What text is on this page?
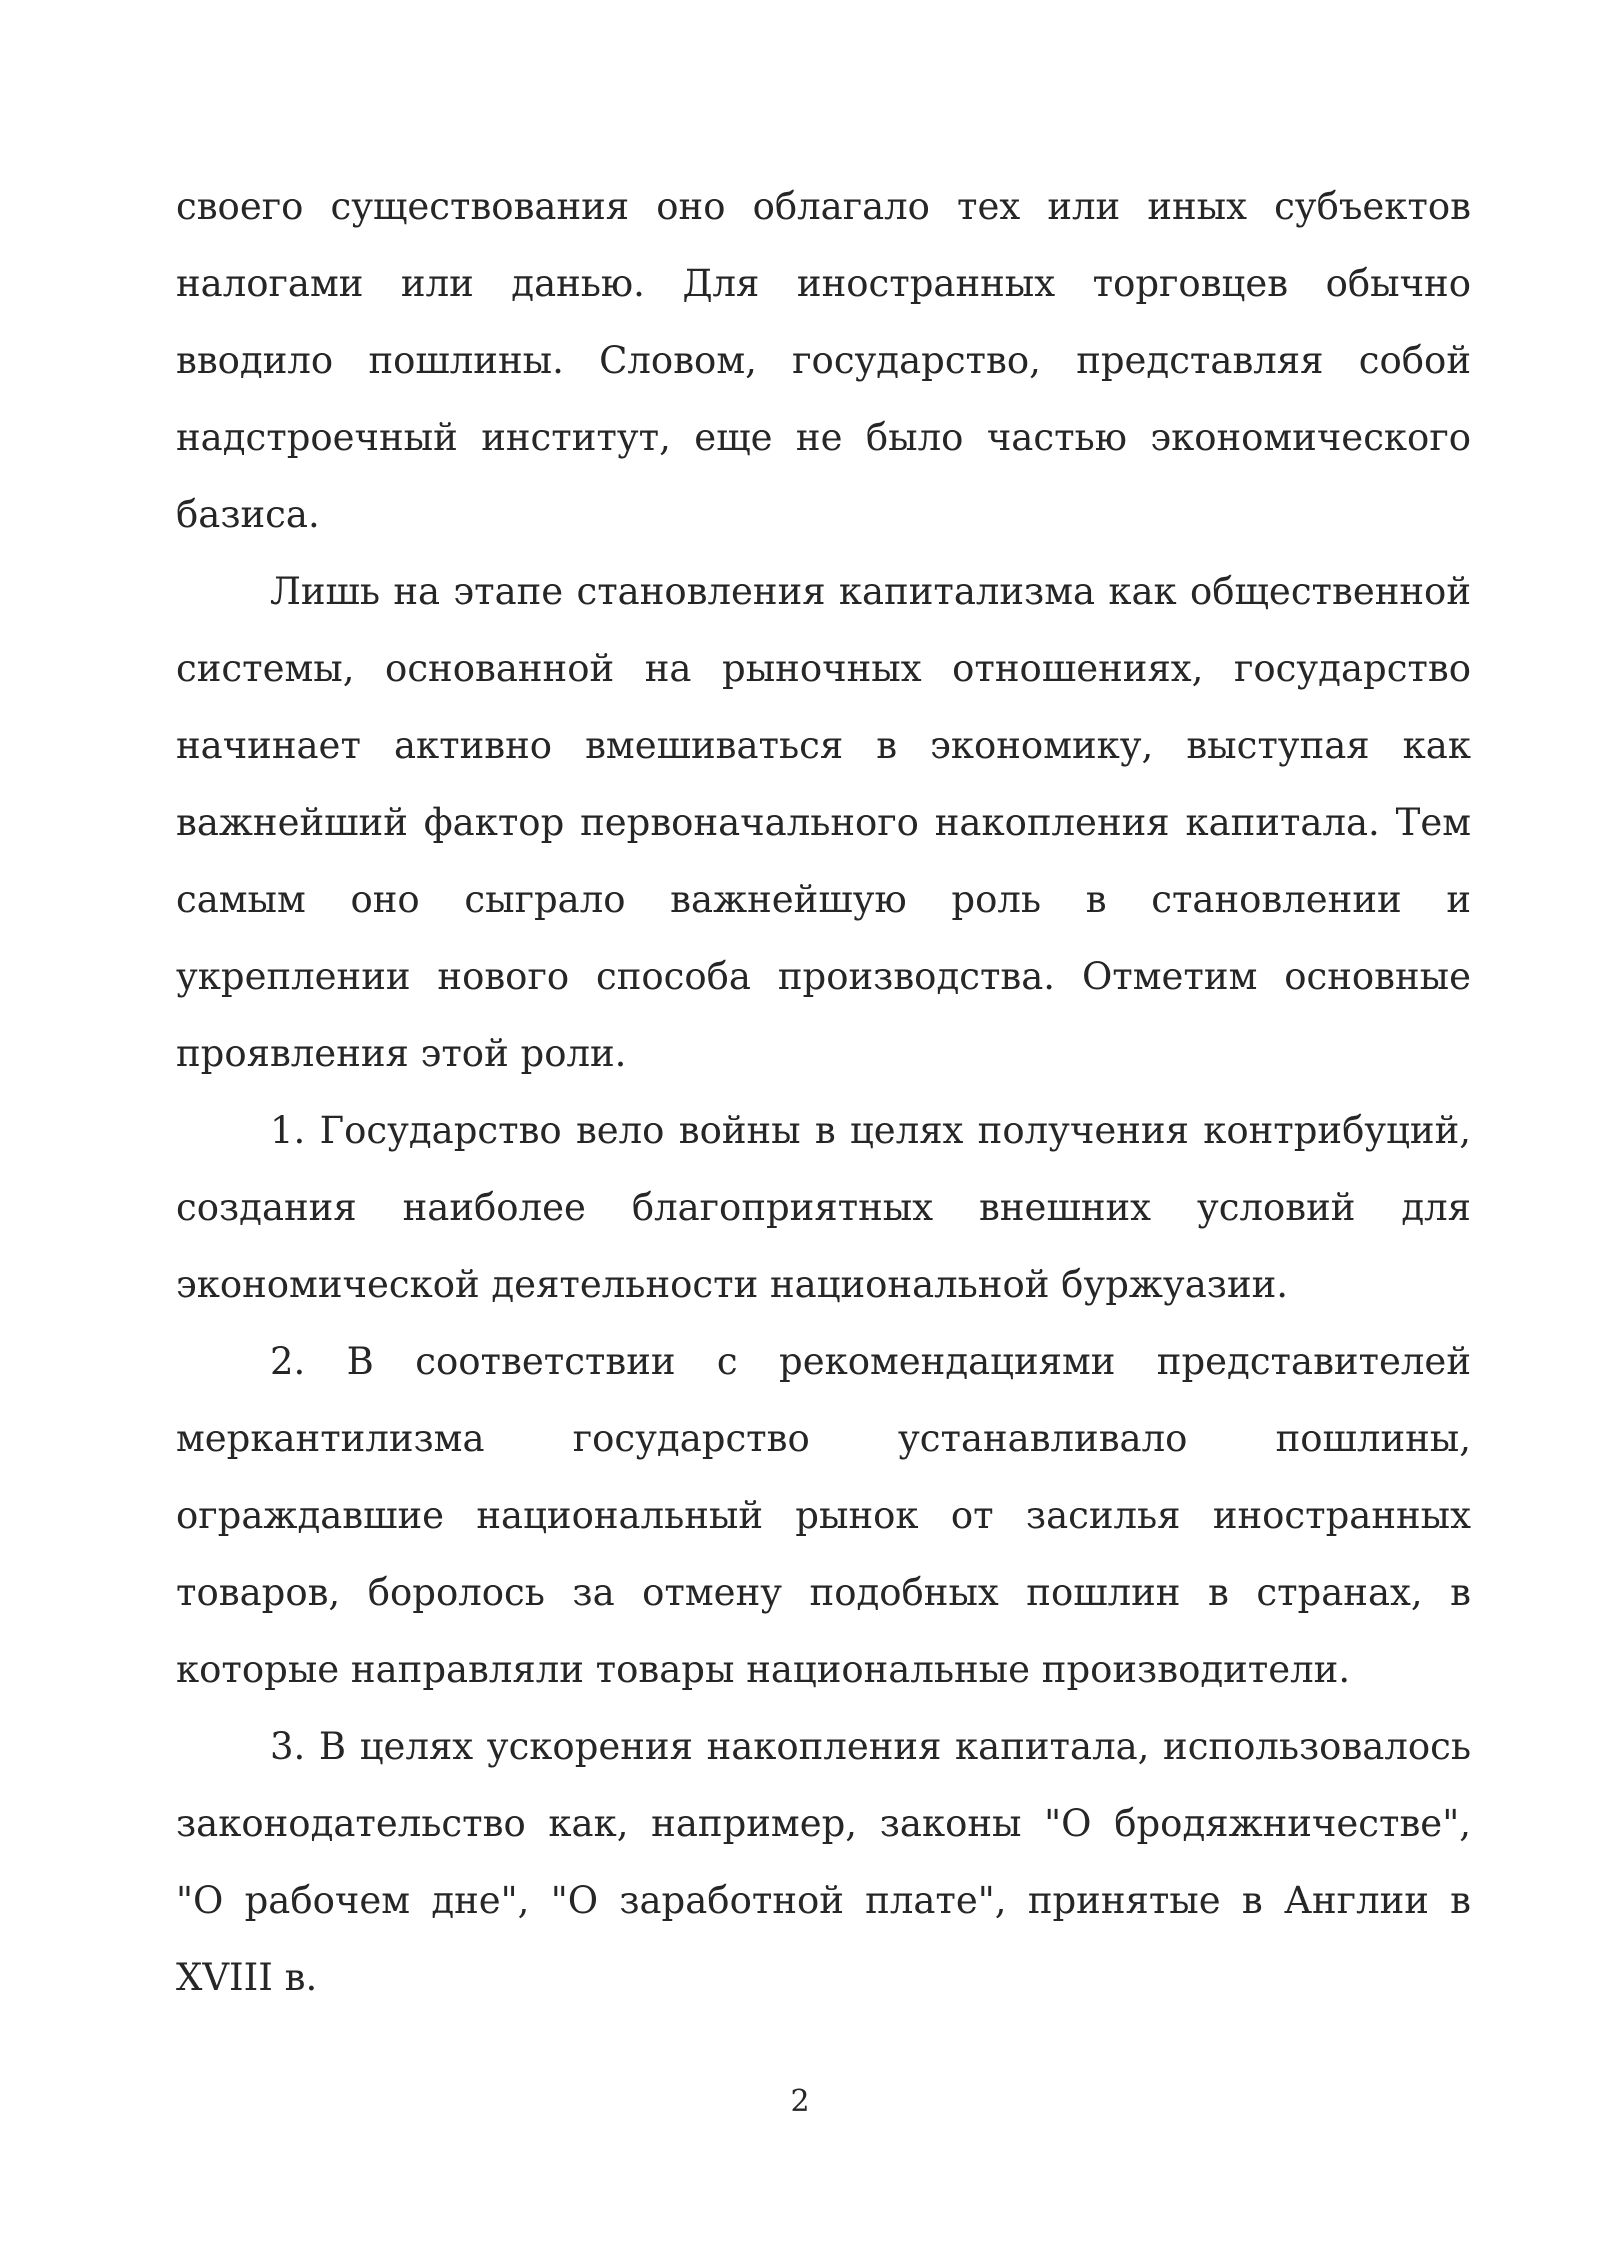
своего существования оно облагало тех или иных субъектов налогами или данью. Для иностранных торговцев обычно вводило пошлины. Словом, государство, представляя собой надстроечный институт, еще не было частью экономического базиса.

Лишь на этапе становления капитализма как общественной системы, основанной на рыночных отношениях, государство начинает активно вмешиваться в экономику, выступая как важнейший фактор первоначального накопления капитала. Тем самым оно сыграло важнейшую роль в становлении и укреплении нового способа производства. Отметим основные проявления этой роли.

1. Государство вело войны в целях получения контрибуций, создания наиболее благоприятных внешних условий для экономической деятельности национальной буржуазии.

2. В соответствии с рекомендациями представителей меркантилизма государство устанавливало пошлины, ограждавшие национальный рынок от засилья иностранных товаров, боролось за отмену подобных пошлин в странах, в которые направляли товары национальные производители.

3. В целях ускорения накопления капитала, использовалось законодательство как, например, законы "О бродяжничестве", "О рабочем дне", "О заработной плате", принятые в Англии в XVIII в.

2
